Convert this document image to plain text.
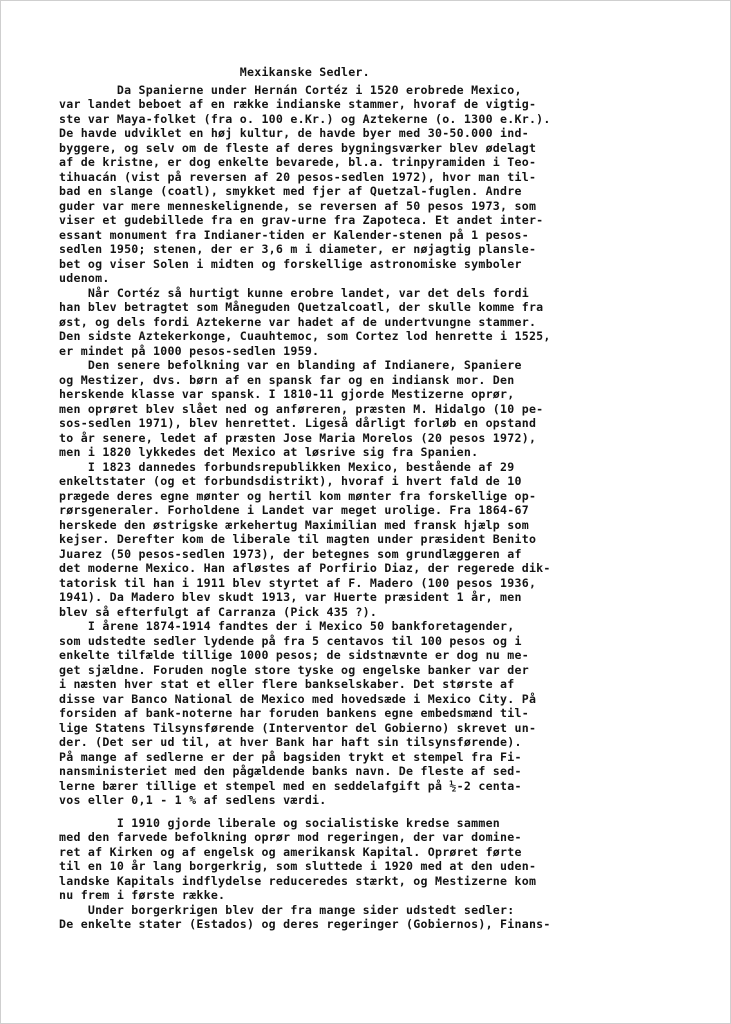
Mexikanske Sedler.
Da Spanierne under Hernán Cortéz i 1520 erobrede Mexico,
var landet beboet af en række indianske stammer, hvoraf de vigtig-
ste var Maya-folket (fra o. 100 e.Kr.) og Aztekerne (o. 1300 e.Kr.).
De havde udviklet en høj kultur, de havde byer med 30-50.000 ind-
byggere, og selv om de fleste af deres bygningsværker blev ødelagt
af de kristne, er dog enkelte bevarede, bl.a. trinpyramiden i Teo-
tihuacán (vist på reversen af 20 pesos-sedlen 1972), hvor man til-
bad en slange (coatl), smykket med fjer af Quetzal-fuglen. Andre
guder var mere menneskelignende, se reversen af 50 pesos 1973, som
viser et gudebillede fra en grav-urne fra Zapoteca. Et andet inter-
essant monument fra Indianer-tiden er Kalender-stenen på 1 pesos-
sedlen 1950; stenen, der er 3,6 m i diameter, er nøjagtig plansle-
bet og viser Solen i midten og forskellige astronomiske symboler
udenom.
Når Cortéz så hurtigt kunne erobre landet, var det dels fordi
han blev betragtet som Måneguden Quetzalcoatl, der skulle komme fra
øst, og dels fordi Aztekerne var hadet af de undertvungne stammer.
Den sidste Aztekerkonge, Cuauhtemoc, som Cortez lod henrette i 1525,
er mindet på 1000 pesos-sedlen 1959.
Den senere befolkning var en blanding af Indianere, Spaniere
og Mestizer, dvs. børn af en spansk far og en indiansk mor. Den
herskende klasse var spansk. I 1810-11 gjorde Mestizerne oprør,
men oprøret blev slået ned og anføreren, præsten M. Hidalgo (10 pe-
sos-sedlen 1971), blev henrettet. Ligeså dårligt forløb en opstand
to år senere, ledet af præsten Jose Maria Morelos (20 pesos 1972),
men i 1820 lykkedes det Mexico at løsrive sig fra Spanien.
I 1823 dannedes forbundsrepublikken Mexico, bestående af 29
enkeltstater (og et forbundsdistrikt), hvoraf i hvert fald de 10
prægede deres egne mønter og hertil kom mønter fra forskellige op-
rørsgeneraler. Forholdene i Landet var meget urolige. Fra 1864-67
herskede den østrigske ærkehertug Maximilian med fransk hjælp som
kejser. Derefter kom de liberale til magten under præsident Benito
Juarez (50 pesos-sedlen 1973), der betegnes som grundlæggeren af
det moderne Mexico. Han afløstes af Porfirio Diaz, der regerede dik-
tatorisk til han i 1911 blev styrtet af F. Madero (100 pesos 1936,
1941). Da Madero blev skudt 1913, var Huerte præsident 1 år, men
blev så efterfulgt af Carranza (Pick 435 ?).
I årene 1874-1914 fandtes der i Mexico 50 bankforetagender,
som udstedte sedler lydende på fra 5 centavos til 100 pesos og i
enkelte tilfælde tillige 1000 pesos; de sidstnævnte er dog nu me-
get sjældne. Foruden nogle store tyske og engelske banker var der
i næsten hver stat et eller flere bankselskaber. Det største af
disse var Banco National de Mexico med hovedsæde i Mexico City. På
forsiden af bank-noterne har foruden bankens egne embedsmænd til-
lige Statens Tilsynsførende (Interventor del Gobierno) skrevet un-
der. (Det ser ud til, at hver Bank har haft sin tilsynsførende).
På mange af sedlerne er der på bagsiden trykt et stempel fra Fi-
nansministeriet med den pågældende banks navn. De fleste af sed-
lerne bærer tillige et stempel med en seddelafgift på ½-2 centa-
vos eller 0,1 - 1 % af sedlens værdi.
I 1910 gjorde liberale og socialistiske kredse sammen
med den farvede befolkning oprør mod regeringen, der var domine-
ret af Kirken og af engelsk og amerikansk Kapital. Oprøret førte
til en 10 år lang borgerkrig, som sluttede i 1920 med at den uden-
landske Kapitals indflydelse reduceredes stærkt, og Mestizerne kom
nu frem i første række.
Under borgerkrigen blev der fra mange sider udstedt sedler:
De enkelte stater (Estados) og deres regeringer (Gobiernos), Finans-
